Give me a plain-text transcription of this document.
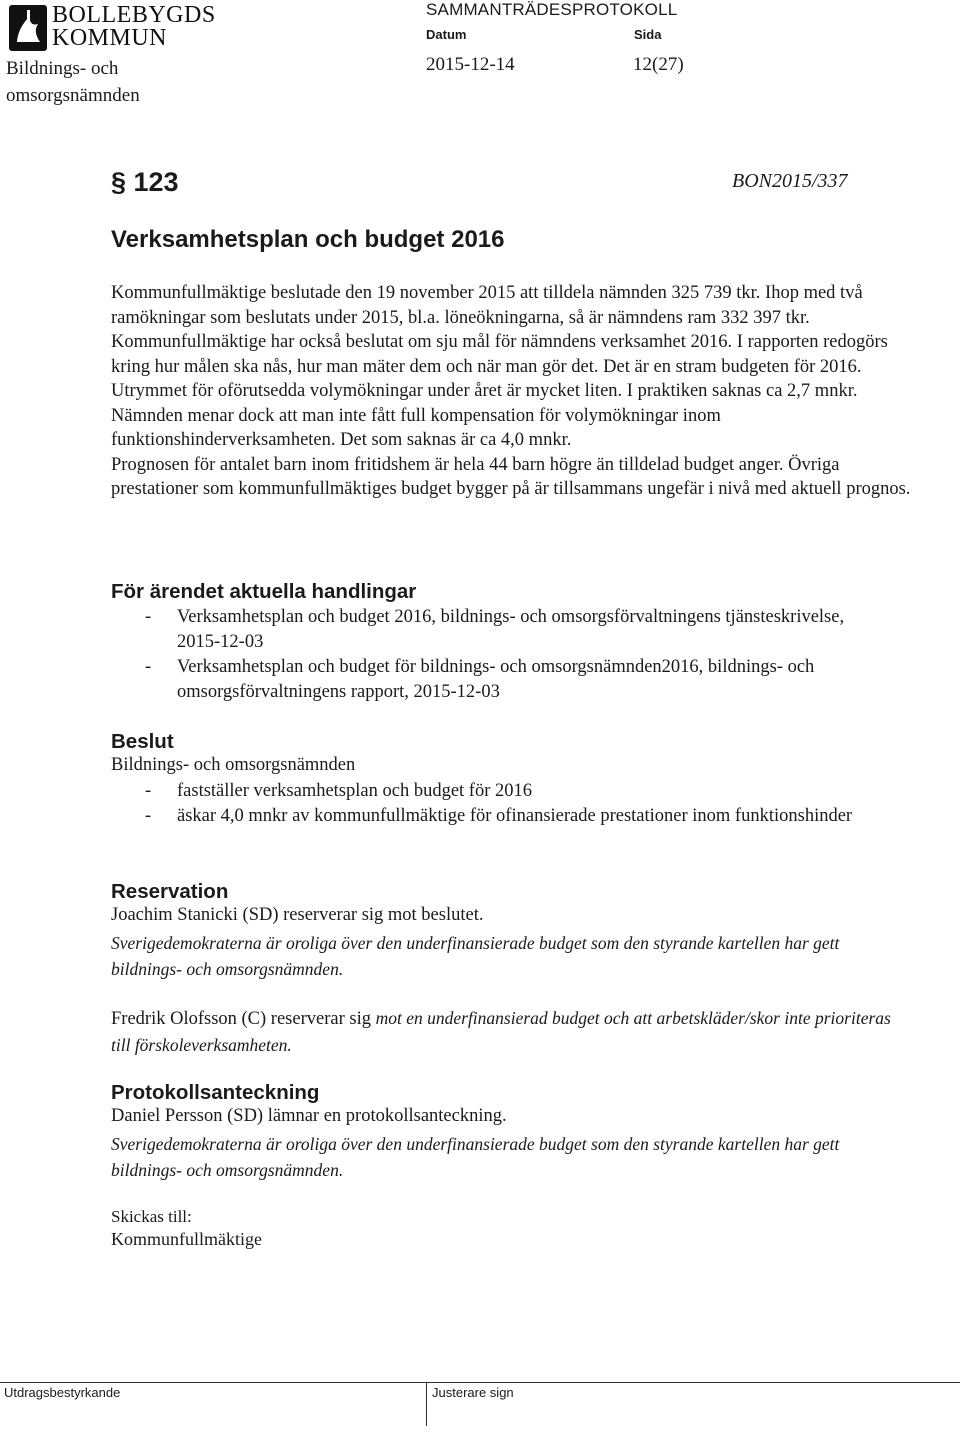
BOLLEBYGDS
KOMMUN
Bildnings- och
omsorgsnämnden
SAMMANTRÄDESPROTOKOLL
Datum	Sida
2015-12-14	12(27)
§ 123	BON2015/337
Verksamhetsplan och budget 2016
Kommunfullmäktige beslutade den 19 november 2015 att tilldela nämnden 325 739 tkr. Ihop med två ramökningar som beslutats under 2015, bl.a. löneökningarna, så är nämndens ram 332 397 tkr. Kommunfullmäktige har också beslutat om sju mål för nämndens verksamhet 2016. I rapporten redogörs kring hur målen ska nås, hur man mäter dem och när man gör det. Det är en stram budgeten för 2016. Utrymmet för oförutsedda volymökningar under året är mycket liten. I praktiken saknas ca 2,7 mnkr. Nämnden menar dock att man inte fått full kompensation för volymökningar inom funktionshinderverksamheten. Det som saknas är ca 4,0 mnkr.
Prognosen för antalet barn inom fritidshem är hela 44 barn högre än tilldelad budget anger. Övriga prestationer som kommunfullmäktiges budget bygger på är tillsammans ungefär i nivå med aktuell prognos.
För ärendet aktuella handlingar
- Verksamhetsplan och budget 2016, bildnings- och omsorgsförvaltningens tjänsteskrivelse, 2015-12-03
- Verksamhetsplan och budget för bildnings- och omsorgsnämnden2016, bildnings- och omsorgsförvaltningens rapport, 2015-12-03
Beslut
Bildnings- och omsorgsnämnden
- fastställer verksamhetsplan och budget för 2016
- äskar 4,0 mnkr av kommunfullmäktige för ofinansierade prestationer inom funktionshinder
Reservation
Joachim Stanicki (SD) reserverar sig mot beslutet.
Sverigedemokraterna är oroliga över den underfinansierade budget som den styrande kartellen har gett bildnings- och omsorgsnämnden.
Fredrik Olofsson (C) reserverar sig mot en underfinansierad budget och att arbetskläder/skor inte prioriteras till förskoleverksamheten.
Protokollsanteckning
Daniel Persson (SD) lämnar en protokollsanteckning.
Sverigedemokraterna är oroliga över den underfinansierade budget som den styrande kartellen har gett bildnings- och omsorgsnämnden.
Skickas till:
Kommunfullmäktige
Utdragsbestyrkande	Justerare sign
